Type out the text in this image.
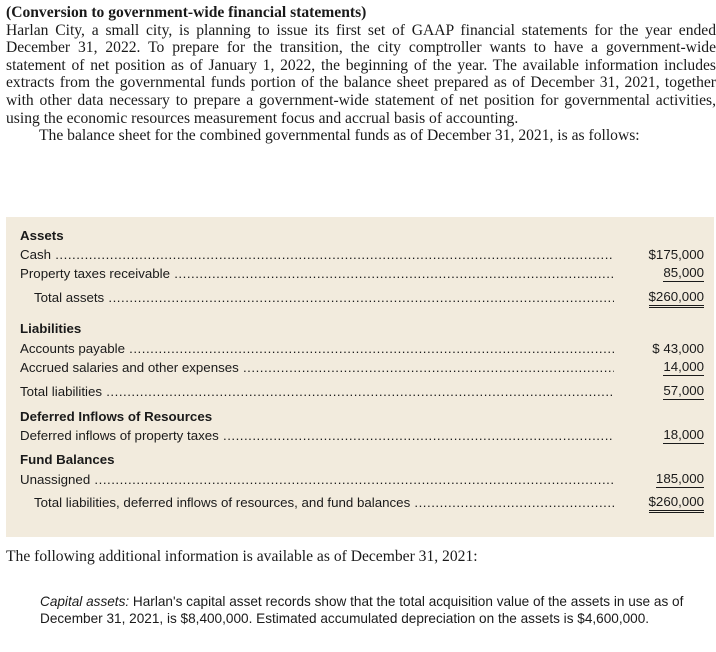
(Conversion to government-wide financial statements)

Harlan City, a small city, is planning to issue its first set of GAAP financial statements for the year ended December 31, 2022. To prepare for the transition, the city comptroller wants to have a government-wide statement of net position as of January 1, 2022, the beginning of the year. The available information includes extracts from the governmental funds portion of the balance sheet prepared as of December 31, 2021, together with other data necessary to prepare a government-wide statement of net position for governmental activities, using the economic resources measurement focus and accrual basis of accounting.

The balance sheet for the combined governmental funds as of December 31, 2021, is as follows:

Assets
Cash .....	$175,000
Property taxes receivable .....	85,000
Total assets .....	$260,000
Liabilities
Accounts payable .....	$ 43,000
Accrued salaries and other expenses .....	14,000
Total liabilities .....	57,000
Deferred Inflows of Resources
Deferred inflows of property taxes .....	18,000
Fund Balances
Unassigned .....	185,000
Total liabilities, deferred inflows of resources, and fund balances .....	$260,000
The following additional information is available as of December 31, 2021:
Capital assets: Harlan's capital asset records show that the total acquisition value of the assets in use as of December 31, 2021, is $8,400,000. Estimated accumulated depreciation on the assets is $4,600,000.
